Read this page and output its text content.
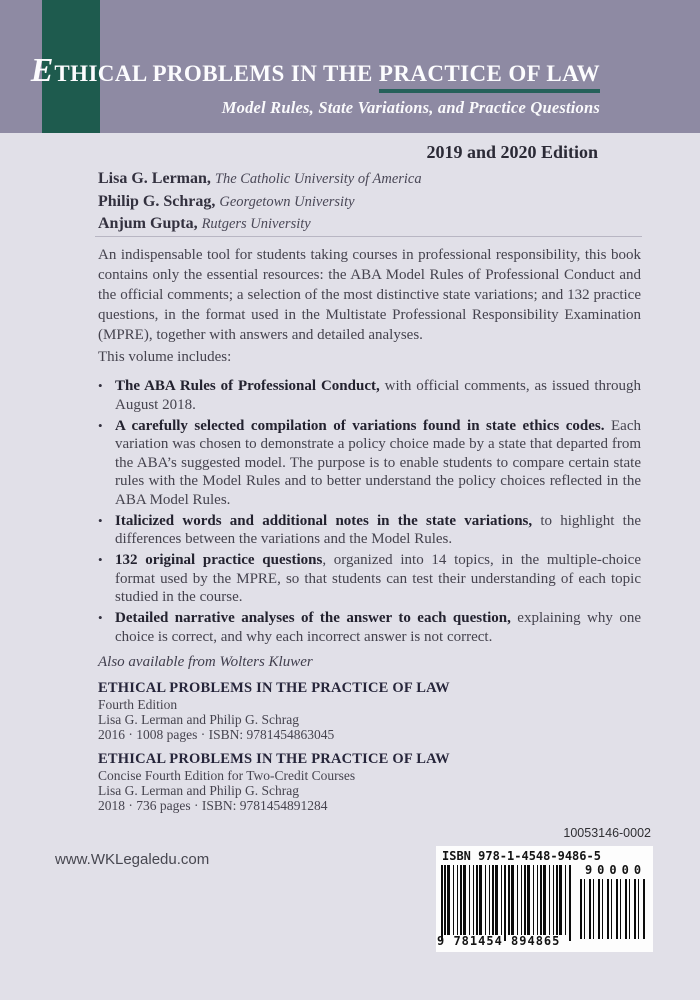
ETHICAL PROBLEMS IN THE PRACTICE OF LAW
Model Rules, State Variations, and Practice Questions
2019 and 2020 Edition
Lisa G. Lerman, The Catholic University of America
Philip G. Schrag, Georgetown University
Anjum Gupta, Rutgers University
An indispensable tool for students taking courses in professional responsibility, this book contains only the essential resources: the ABA Model Rules of Professional Conduct and the official comments; a selection of the most distinctive state variations; and 132 practice questions, in the format used in the Multistate Professional Responsibility Examination (MPRE), together with answers and detailed analyses.
This volume includes:
• The ABA Rules of Professional Conduct, with official comments, as issued through August 2018.
• A carefully selected compilation of variations found in state ethics codes. Each variation was chosen to demonstrate a policy choice made by a state that departed from the ABA’s suggested model. The purpose is to enable students to compare certain state rules with the Model Rules and to better understand the policy choices reflected in the ABA Model Rules.
• Italicized words and additional notes in the state variations, to highlight the differences between the variations and the Model Rules.
• 132 original practice questions, organized into 14 topics, in the multiple-choice format used by the MPRE, so that students can test their understanding of each topic studied in the course.
• Detailed narrative analyses of the answer to each question, explaining why one choice is correct, and why each incorrect answer is not correct.
Also available from Wolters Kluwer
ETHICAL PROBLEMS IN THE PRACTICE OF LAW
Fourth Edition
Lisa G. Lerman and Philip G. Schrag
2016 · 1008 pages · ISBN: 9781454863045
ETHICAL PROBLEMS IN THE PRACTICE OF LAW
Concise Fourth Edition for Two-Credit Courses
Lisa G. Lerman and Philip G. Schrag
2018 · 736 pages · ISBN: 9781454891284
10053146-0002
ISBN 978-1-4548-9486-5
9 781454 894865
90000
www.WKLegaledu.com
